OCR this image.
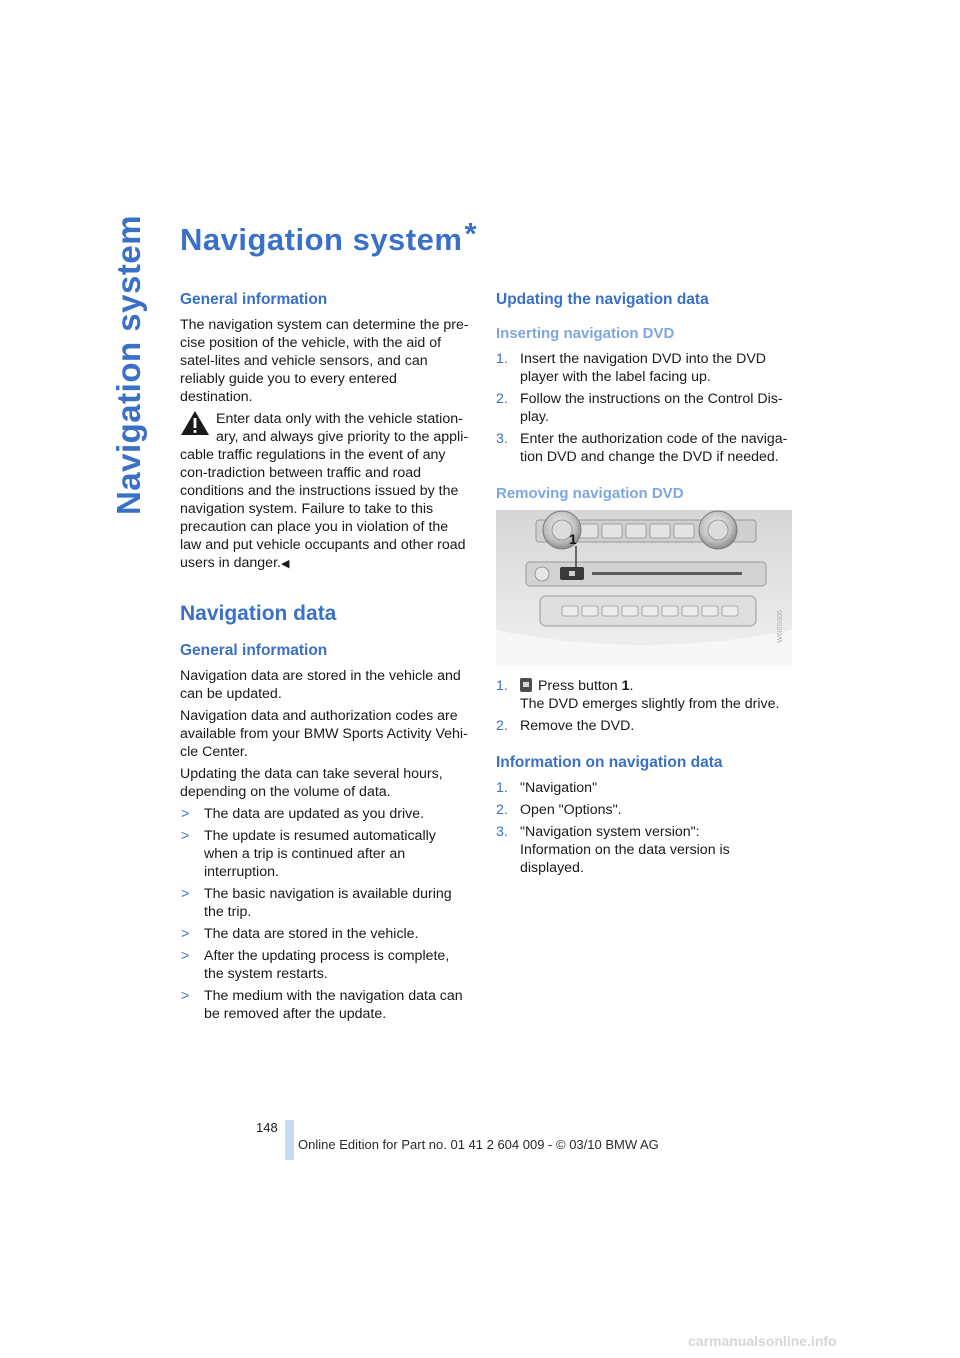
Navigation system Navigation system*
General information

The navigation system can determine the pre-cise position of the vehicle, with the aid of satel-lites and vehicle sensors, and can reliably guide you to every entered destination.

Enter data only with the vehicle station-ary, and always give priority to the appli-cable traffic regulations in the event of any con-tradiction between traffic and road conditions and the instructions issued by the navigation system. Failure to take to this precaution can place you in violation of the law and put vehicle occupants and other road users in danger.◀
Navigation data
General information

Navigation data are stored in the vehicle and can be updated.

Navigation data and authorization codes are available from your BMW Sports Activity Vehi-cle Center.

Updating the data can take several hours, depending on the volume of data.

> The data are updated as you drive.
> The update is resumed automatically when a trip is continued after an interruption.
> The basic navigation is available during the trip.
> The data are stored in the vehicle.
> After the updating process is complete, the system restarts.
> The medium with the navigation data can be removed after the update.
Updating the navigation data
Inserting navigation DVD
1. Insert the navigation DVD into the DVD player with the label facing up.
2. Follow the instructions on the Control Dis-play.
3. Enter the authorization code of the naviga-tion DVD and change the DVD if needed.
Removing navigation DVD
1
W6I0S006
1. Press button 1.
The DVD emerges slightly from the drive.
2. Remove the DVD.
Information on navigation data
1. "Navigation"
2. Open "Options".
3. "Navigation system version":
Information on the data version is displayed.
148
Online Edition for Part no. 01 41 2 604 009 - © 03/10 BMW AG
carmanualsonline.info
